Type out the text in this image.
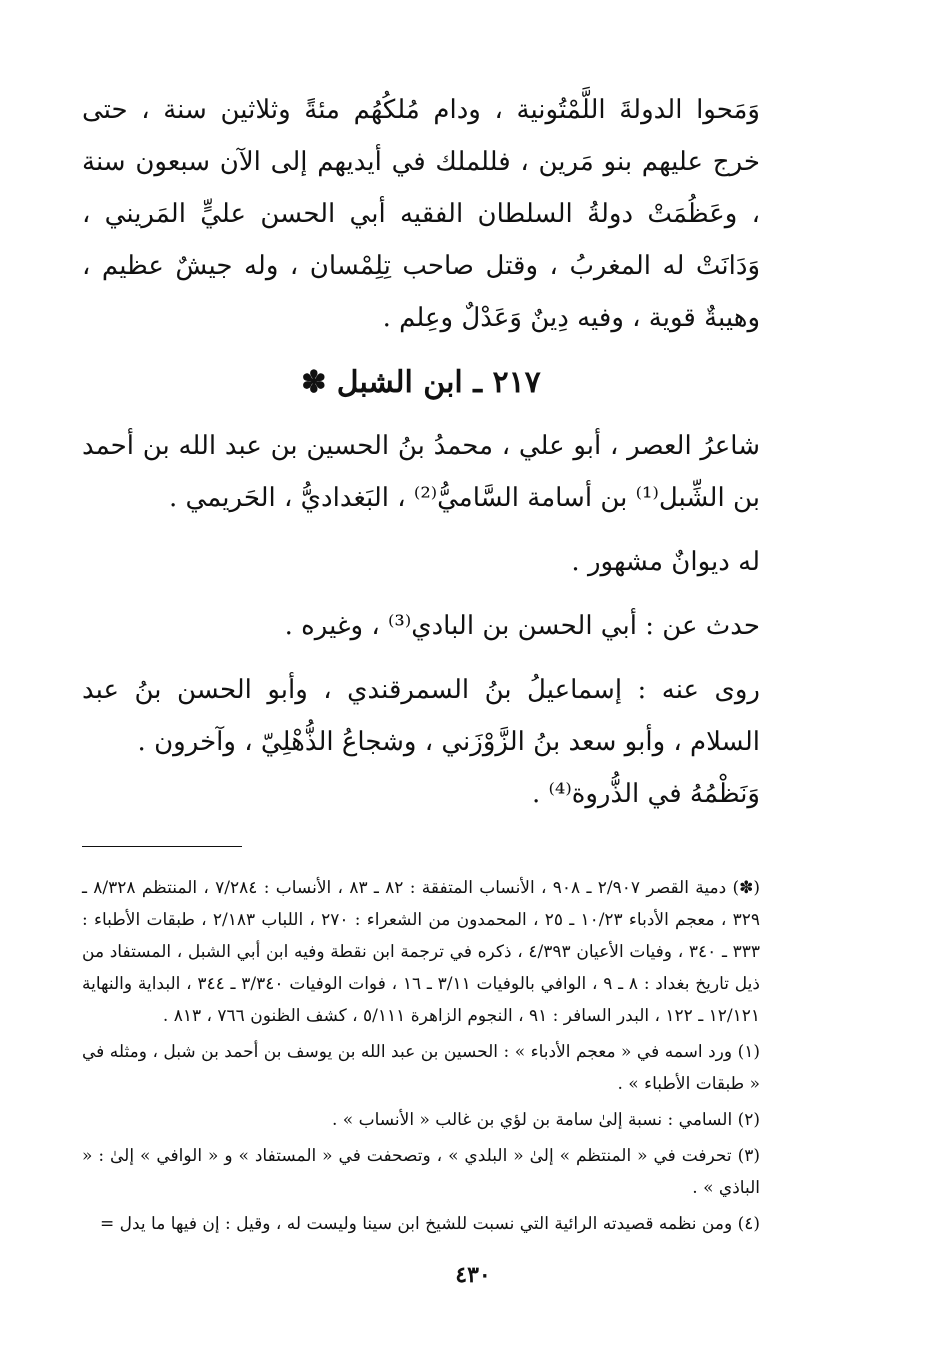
وَمَحوا الدولةَ اللَّمْتُونية ، ودام مُلكُهُم مئةً وثلاثين سنة ، حتى خرج عليهم بنو مَرين ، فللملك في أيديهم إلى الآن سبعون سنة ، وعَظُمَتْ دولةُ السلطان الفقيه أبي الحسن عليٍّ المَريني ، وَدَانَتْ له المغربُ ، وقتل صاحب تِلِمْسان ، وله جيشٌ عظيم ، وهيبةٌ قوية ، وفيه دِينٌ وَعَدْلٌ وعِلم .

٢١٧ ـ ابن الشبل ✽

شاعرُ العصر ، أبو علي ، محمدُ بنُ الحسين بن عبد الله بن أحمد بن الشِّبل⁽¹⁾ بن أسامة السَّاميُّ⁽²⁾ ، البَغداديُّ ، الحَريمي .

له ديوانٌ مشهور .

حدث عن : أبي الحسن بن البادي⁽³⁾ ، وغيره .

روى عنه : إسماعيلُ بنُ السمرقندي ، وأبو الحسن بنُ عبد السلام ، وأبو سعد بنُ الزَّوْزَني ، وشجاعُ الذُّهْلِيّ ، وآخرون .

وَنَظْمُهُ في الذُّروة⁽⁴⁾ .

(✽) دمية القصر ٢/٩٠٧ ـ ٩٠٨ ، الأنساب المتفقة : ٨٢ ـ ٨٣ ، الأنساب : ٧/٢٨٤ ، المنتظم ٨/٣٢٨ ـ ٣٢٩ ، معجم الأدباء ١٠/٢٣ ـ ٢٥ ، المحمدون من الشعراء : ٢٧٠ ، اللباب ٢/١٨٣ ، طبقات الأطباء : ٣٣٣ ـ ٣٤٠ ، وفيات الأعيان ٤/٣٩٣ ، ذكره في ترجمة ابن نقطة وفيه ابن أبي الشبل ، المستفاد من ذيل تاريخ بغداد : ٨ ـ ٩ ، الوافي بالوفيات ٣/١١ ـ ١٦ ، فوات الوفيات ٣/٣٤٠ ـ ٣٤٤ ، البداية والنهاية ١٢/١٢١ ـ ١٢٢ ، البدر السافر : ٩١ ، النجوم الزاهرة ٥/١١١ ، كشف الظنون ٧٦٦ ، ٨١٣ .

(١) ورد اسمه في « معجم الأدباء » : الحسين بن عبد الله بن يوسف بن أحمد بن شبل ، ومثله في « طبقات الأطباء » .

(٢) السامي : نسبة إلىٰ سامة بن لؤي بن غالب « الأنساب » .

(٣) تحرفت في « المنتظم » إلىٰ « البلدي » ، وتصحفت في « المستفاد » و « الوافي » إلىٰ : « الباذي » .

(٤) ومن نظمه قصيدته الرائية التي نسبت للشيخ ابن سينا وليست له ، وقيل : إن فيها ما يدل =

٤٣٠
